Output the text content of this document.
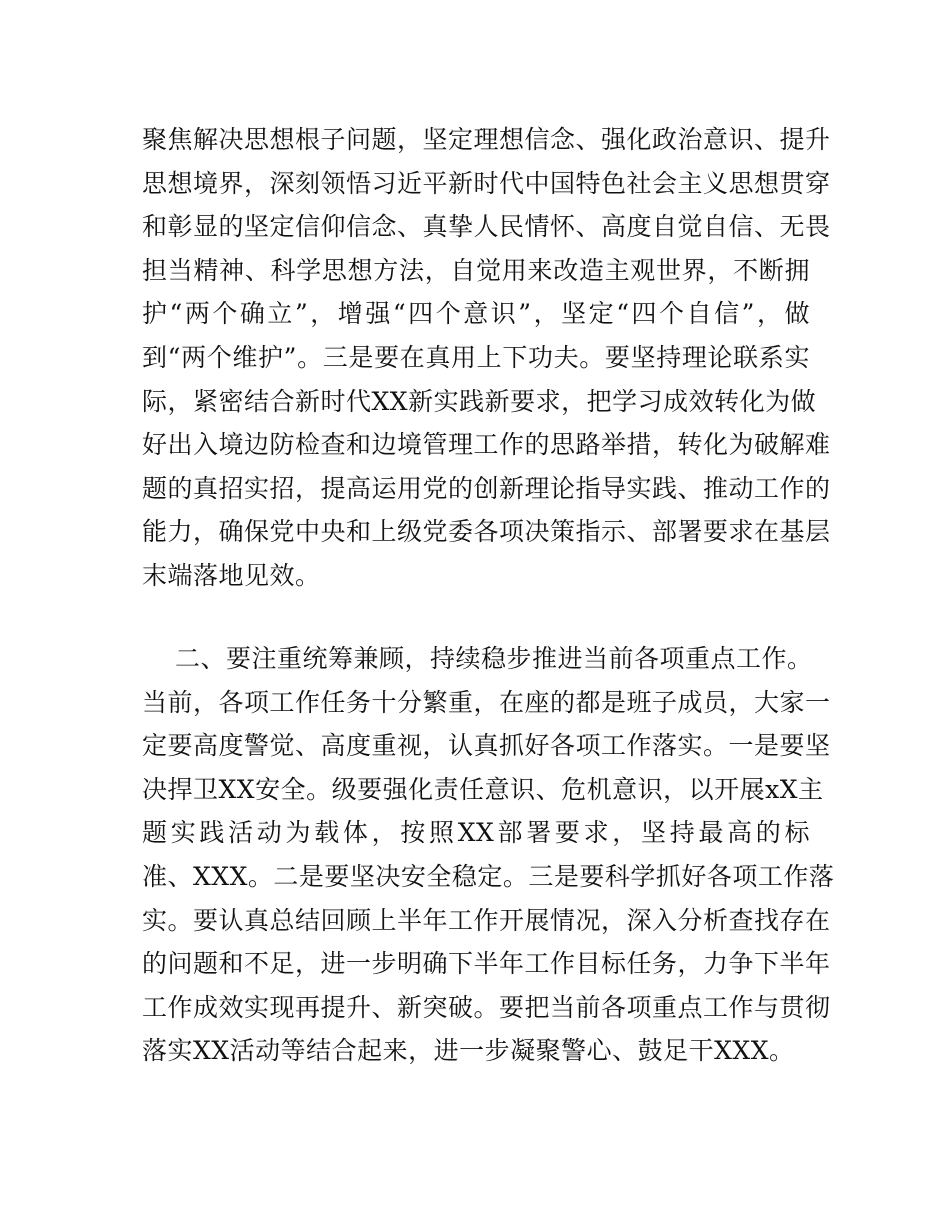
聚焦解决思想根子问题，坚定理想信念、强化政治意识、提升
思想境界，深刻领悟习近平新时代中国特色社会主义思想贯穿
和彰显的坚定信仰信念、真挚人民情怀、高度自觉自信、无畏
担当精神、科学思想方法，自觉用来改造主观世界，不断拥
护“两个确立”，增强“四个意识”，坚定“四个自信”，做
到“两个维护”。三是要在真用上下功夫。要坚持理论联系实
际，紧密结合新时代XX新实践新要求，把学习成效转化为做
好出入境边防检查和边境管理工作的思路举措，转化为破解难
题的真招实招，提高运用党的创新理论指导实践、推动工作的
能力，确保党中央和上级党委各项决策指示、部署要求在基层
末端落地见效。
二、要注重统筹兼顾，持续稳步推进当前各项重点工作。
当前，各项工作任务十分繁重，在座的都是班子成员，大家一
定要高度警觉、高度重视，认真抓好各项工作落实。一是要坚
决捍卫XX安全。级要强化责任意识、危机意识，以开展xX主
题实践活动为载体，按照XX部署要求，坚持最高的标
准、XXX。二是要坚决安全稳定。三是要科学抓好各项工作落
实。要认真总结回顾上半年工作开展情况，深入分析查找存在
的问题和不足，进一步明确下半年工作目标任务，力争下半年
工作成效实现再提升、新突破。要把当前各项重点工作与贯彻
落实XX活动等结合起来，进一步凝聚警心、鼓足干XXX。
